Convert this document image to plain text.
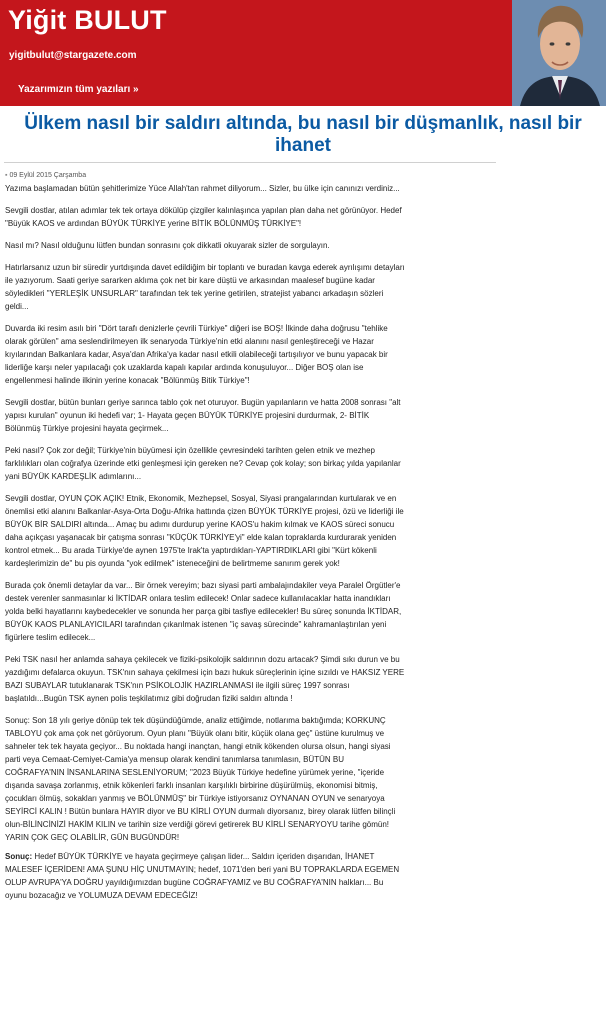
Yiğit BULUT
yigitbulut@stargazete.com
Yazarımızın tüm yazıları »
Ülkem nasıl bir saldırı altında, bu nasıl bir düşmanlık, nasıl bir ihanet
▪ 09 Eylül 2015 Çarşamba

Yazıma başlamadan bütün şehitlerimize Yüce Allah'tan rahmet diliyorum... Sizler, bu ülke için canınızı verdiniz...

Sevgili dostlar, atılan adımlar tek tek ortaya dökülüp çizgiler kalınlaşınca yapılan plan daha net görünüyor. Hedef "Büyük KAOS ve ardından BÜYÜK TÜRKİYE yerine BİTİK BÖLÜNMÜŞ TÜRKİYE"!

Nasıl mı? Nasıl olduğunu lütfen bundan sonrasını çok dikkatli okuyarak sizler de sorgulayın.

Hatırlarsanız uzun bir süredir yurtdışında davet edildiğim bir toplantı ve buradan kavga ederek ayrılışımı detayları ile yazıyorum. Saati geriye sararken aklıma çok net bir kare düştü ve arkasından maalesef bugüne kadar söyledikleri "YERLEŞİK UNSURLAR" tarafından tek tek yerine getirilen, stratejist yabancı arkadaşın sözleri geldi...

Duvarda iki resim asılı biri "Dört tarafı denizlerle çevrili Türkiye" diğeri ise BOŞ! İlkinde daha doğrusu "tehlike olarak görülen" ama seslendirilmeyen ilk senaryoda Türkiye'nin etki alanını nasıl genleştireceği ve Hazar kıyılarından Balkanlara kadar, Asya'dan Afrika'ya kadar nasıl etkili olabileceği tartışılıyor ve bunu yapacak bir liderliğe karşı neler yapılacağı çok uzaklarda kapalı kapılar ardında konuşuluyor... Diğer BOŞ olan ise engellenmesi halinde ilkinin yerine konacak "Bölünmüş Bitik Türkiye"!

Sevgili dostlar, bütün bunları geriye sarınca tablo çok net oturuyor. Bugün yapılanların ve hatta 2008 sonrası "alt yapısı kurulan" oyunun iki hedefi var; 1- Hayata geçen BÜYÜK TÜRKİYE projesini durdurmak, 2- BİTİK Bölünmüş Türkiye projesini hayata geçirmek...

Peki nasıl? Çok zor değil; Türkiye'nin büyümesi için özellikle çevresindeki tarihten gelen etnik ve mezhep farklılıkları olan coğrafya üzerinde etki genleşmesi için gereken ne? Cevap çok kolay; son birkaç yılda yapılanlar yani BÜYÜK KARDEŞLİK adımlarını...

Sevgili dostlar, OYUN ÇOK AÇIK! Etnik, Ekonomik, Mezhepsel, Sosyal, Siyasi prangalarından kurtularak ve en önemlisi etki alanını Balkanlar-Asya-Orta Doğu-Afrika hattında çizen BÜYÜK TÜRKİYE projesi, özü ve liderliği ile BÜYÜK BİR SALDIRI altında... Amaç bu adımı durdurup yerine KAOS'u hakim kılmak ve KAOS süreci sonucu daha açıkçası yaşanacak bir çatışma sonrası "KÜÇÜK TÜRKİYE'yi" elde kalan topraklarda kurdurarak yeniden kontrol etmek... Bu arada Türkiye'de aynen 1975'te Irak'ta yaptırdıkları-YAPTIRDIKLARI gibi "Kürt kökenli kardeşlerimizin de" bu pis oyunda "yok edilmek" isteneceğini de belirtmeme sanırım gerek yok!

Burada çok önemli detaylar da var... Bir örnek vereyim; bazı siyasi parti ambalajındakiler veya Paralel Örgütler'e destek verenler sanmasınlar ki İKTİDAR onlara teslim edilecek! Onlar sadece kullanılacaklar hatta inandıkları yolda belki hayatlarını kaybedecekler ve sonunda her parça gibi tasfiye edilecekler! Bu süreç sonunda İKTİDAR, BÜYÜK KAOS PLANLAYICILARI tarafından çıkarılmak istenen "iç savaş sürecinde" kahramanlaştırılan yeni figürlere teslim edilecek...

Peki TSK nasıl her anlamda sahaya çekilecek ve fiziki-psikolojik saldırının dozu artacak? Şimdi sıkı durun ve bu yazdığımı defalarca okuyun. TSK'nın sahaya çekilmesi için bazı hukuk süreçlerinin içine sızıldı ve HAKSIZ YERE BAZI SUBAYLAR tutuklanarak TSK'nın PSİKOLOJİK HAZIRLANMASI ile ilgili süreç 1997 sonrası başlatıldı...Bugün TSK aynen polis teşkilatımız gibi doğrudan fiziki saldırı altında !

Sonuç: Son 18 yılı geriye dönüp tek tek düşündüğümde, analiz ettiğimde, notlarıma baktığımda; KORKUNÇ TABLOYU çok ama çok net görüyorum. Oyun planı "Büyük olanı bitir, küçük olana geç" üstüne kurulmuş ve sahneler tek tek hayata geçiyor... Bu noktada hangi inançtan, hangi etnik kökenden olursa olsun, hangi siyasi parti veya Cemaat-Cemiyet-Camia'ya mensup olarak kendini tanımlarsa tanımlasın, BÜTÜN BU COĞRAFYA'NIN İNSANLARINA SESLENİYORUM; "2023 Büyük Türkiye hedefine yürümek yerine, "içeride dışarıda savaşa zorlanmış, etnik kökenleri farklı insanları karşılıklı birbirine düşürülmüş, ekonomisi bitmiş, çocukları ölmüş, sokakları yanmış ve BÖLÜNMÜŞ" bir Türkiye istiyorsanız OYNANAN OYUN ve senaryoya SEYİRCİ KALIN ! Bütün bunlara HAYIR diyor ve BU KİRLİ OYUN durmalı diyorsanız, birey olarak lütfen bilinçli olun-BİLİNCİNİZİ HAKİM KILIN ve tarihin size verdiği görevi getirerek BU KİRLİ SENARYOYU tarihe gömün! YARIN ÇOK GEÇ OLABİLİR, GÜN BUGÜNDÜR!

Sonuç: Hedef BÜYÜK TÜRKİYE ve hayata geçirmeye çalışan lider... Saldırı içeriden dışarıdan, İHANET MALESEF İÇERİDEN! AMA ŞUNU HİÇ UNUTMAYIN; hedef, 1071'den beri yani BU TOPRAKLARDA EGEMEN OLUP AVRUPA'YA DOĞRU yayıldığımızdan bugüne COĞRAFYAMIZ ve BU COĞRAFYA'NIN halkları... Bu oyunu bozacağız ve YOLUMUZA DEVAM EDECEĞİZ!
